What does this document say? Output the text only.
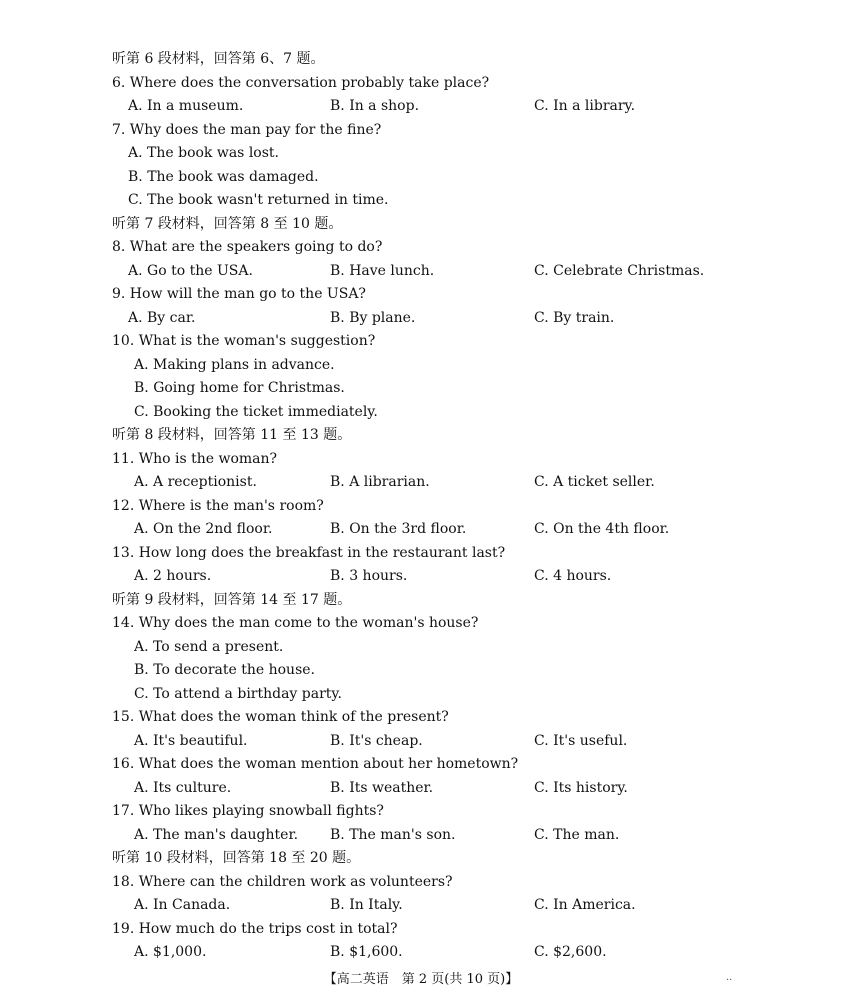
听第 6 段材料，回答第 6、7 题。
6. Where does the conversation probably take place?
A. In a museum.	B. In a shop.	C. In a library.
7. Why does the man pay for the fine?
A. The book was lost.
B. The book was damaged.
C. The book wasn't returned in time.
听第 7 段材料，回答第 8 至 10 题。
8. What are the speakers going to do?
A. Go to the USA.	B. Have lunch.	C. Celebrate Christmas.
9. How will the man go to the USA?
A. By car.	B. By plane.	C. By train.
10. What is the woman's suggestion?
A. Making plans in advance.
B. Going home for Christmas.
C. Booking the ticket immediately.
听第 8 段材料，回答第 11 至 13 题。
11. Who is the woman?
A. A receptionist.	B. A librarian.	C. A ticket seller.
12. Where is the man's room?
A. On the 2nd floor.	B. On the 3rd floor.	C. On the 4th floor.
13. How long does the breakfast in the restaurant last?
A. 2 hours.	B. 3 hours.	C. 4 hours.
听第 9 段材料，回答第 14 至 17 题。
14. Why does the man come to the woman's house?
A. To send a present.
B. To decorate the house.
C. To attend a birthday party.
15. What does the woman think of the present?
A. It's beautiful.	B. It's cheap.	C. It's useful.
16. What does the woman mention about her hometown?
A. Its culture.	B. Its weather.	C. Its history.
17. Who likes playing snowball fights?
A. The man's daughter. B. The man's son.	C. The man.
听第 10 段材料，回答第 18 至 20 题。
18. Where can the children work as volunteers?
A. In Canada.	B. In Italy.	C. In America.
19. How much do the trips cost in total?
A. $1,000.	B. $1,600.	C. $2,600.
【高二英语　第 2 页(共 10 页)】	··
